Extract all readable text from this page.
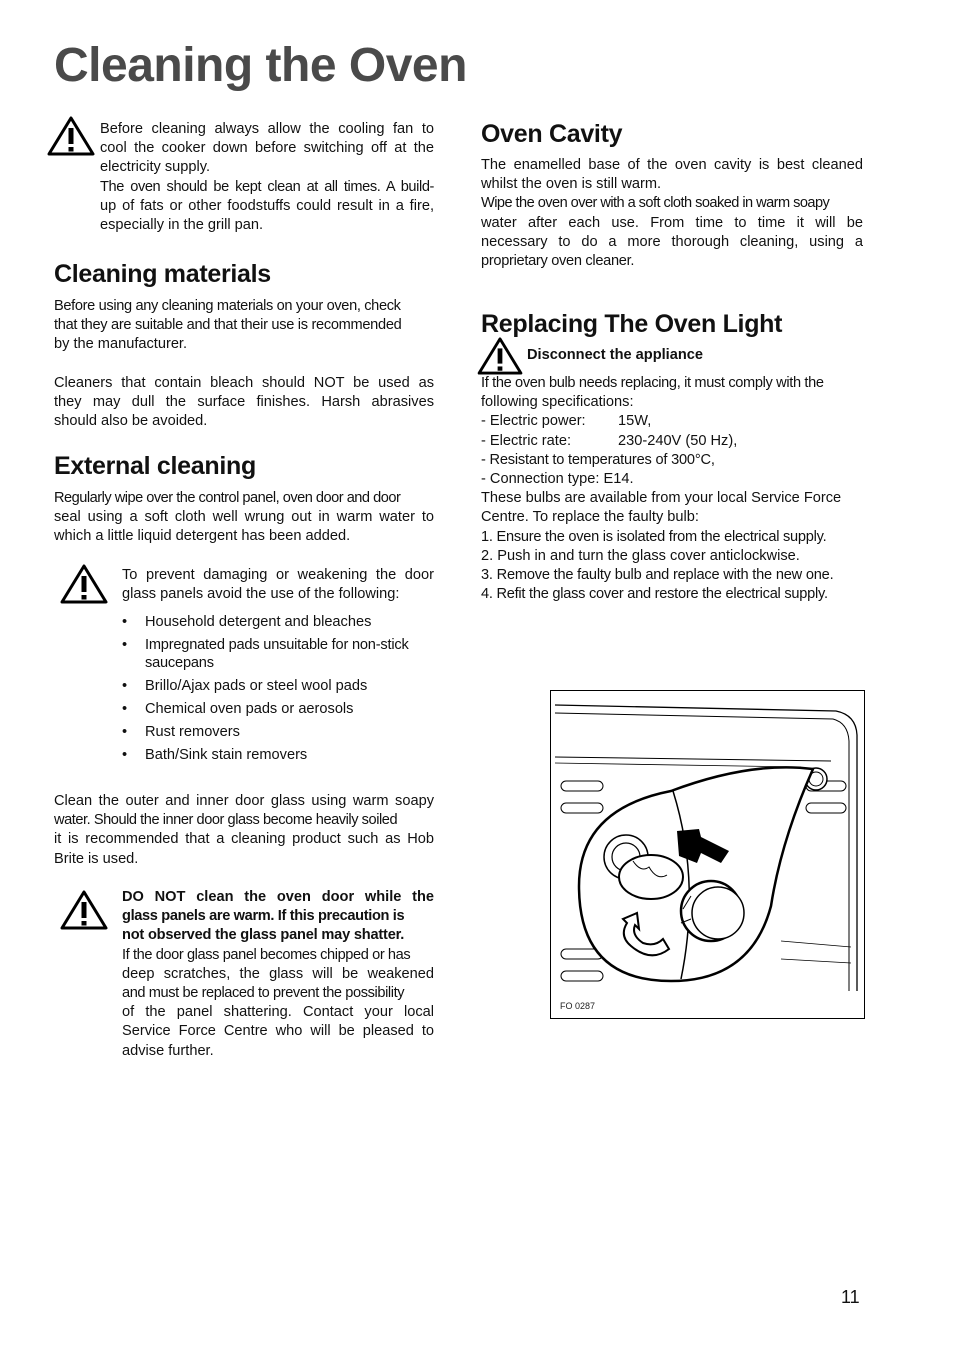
Cleaning the Oven

Before cleaning always allow the cooling fan to

cool the cooker down before switching off at the

electricity supply.

The oven should be kept clean at all times. A build-

up of fats or other foodstuffs could result in a fire,

especially in the grill pan.

Cleaning materials

Before using any cleaning materials on your oven, check

that they are suitable and that their use is recommended

by the manufacturer.

Cleaners that contain bleach should NOT be used as

they may dull the surface finishes. Harsh abrasives

should also be avoided.

External cleaning

Regularly wipe over the control panel, oven door and door

seal using a soft cloth well wrung out in warm water to

which a little liquid detergent has been added.

To prevent damaging or weakening the door

glass panels avoid the use of the following:

• Household detergent and bleaches
• Impregnated pads unsuitable for non-stick
saucepans
• Brillo/Ajax pads or steel wool pads
• Chemical oven pads or aerosols
• Rust removers
• Bath/Sink stain removers

Clean the outer and inner door glass using warm soapy

water. Should the inner door glass become heavily soiled

it is recommended that a cleaning product such as Hob

Brite is used.

DO NOT clean the oven door while the

glass panels are warm. If this precaution is

not observed the glass panel may shatter.

If the door glass panel becomes chipped or has

deep scratches, the glass will be weakened

and must be replaced to prevent the possibility

of the panel shattering. Contact your local

Service Force Centre who will be pleased to

advise further.

Oven Cavity

The enamelled base of the oven cavity is best cleaned

whilst the oven is still warm.

Wipe the oven over with a soft cloth soaked in warm soapy

water after each use. From time to time it will be

necessary to do a more thorough cleaning, using a

proprietary oven cleaner.

Replacing The Oven Light

Disconnect the appliance

If the oven bulb needs replacing, it must comply with the

following specifications:

- Electric power:	15W,
- Electric rate:	230-240V (50 Hz),
- Resistant to temperatures of 300°C,
- Connection type: E14.

These bulbs are available from your local Service Force

Centre. To replace the faulty bulb:

1. Ensure the oven is isolated from the electrical supply.

2. Push in and turn the glass cover anticlockwise.

3. Remove the faulty bulb and replace with the new one.

4. Refit the glass cover and restore the electrical supply.

FO 0287
11
